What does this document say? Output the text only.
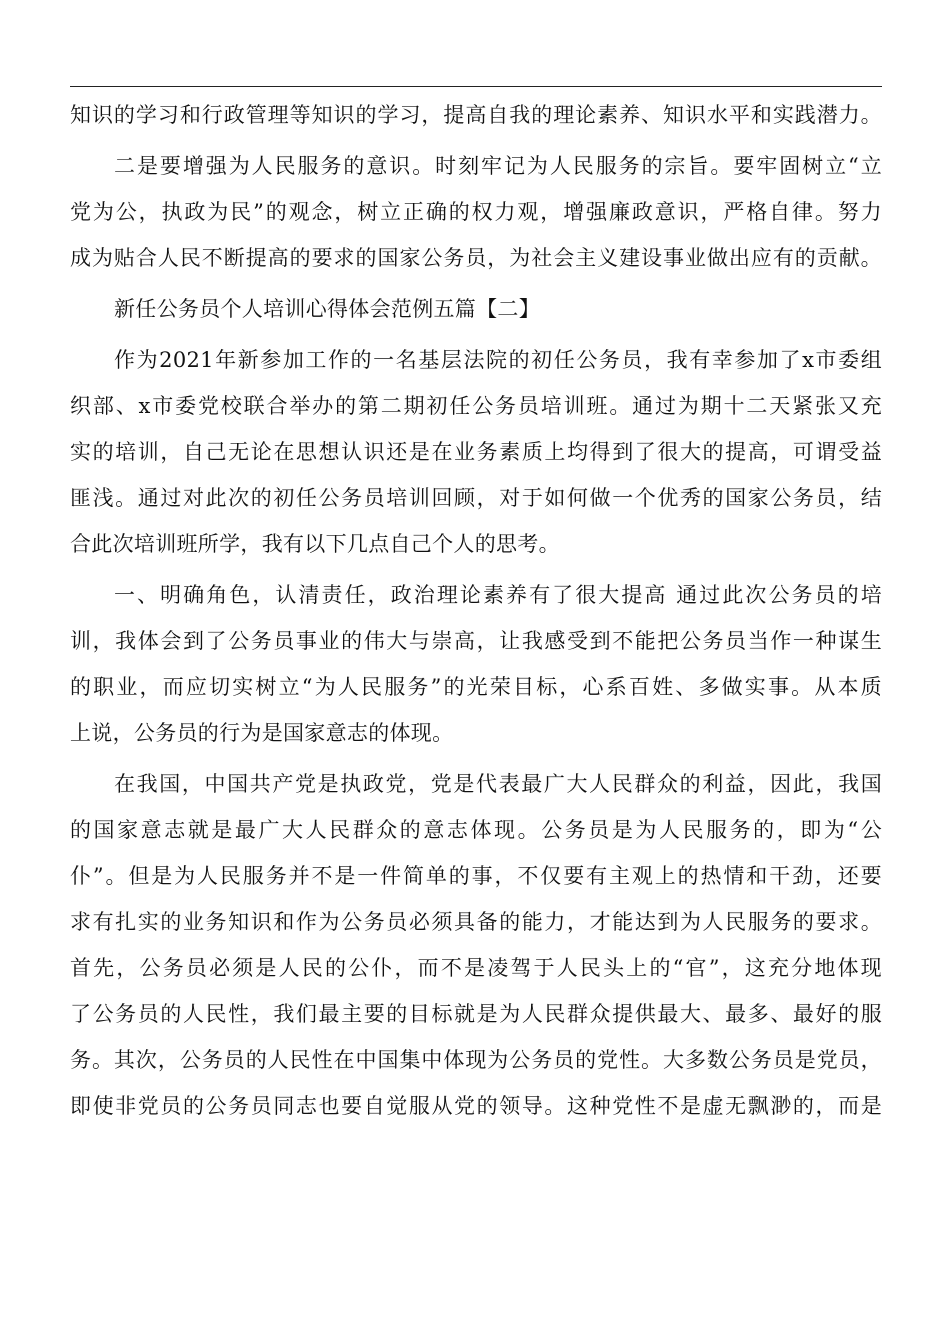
知识的学习和行政管理等知识的学习，提高自我的理论素养、知识水平和实践潜力。
二是要增强为人民服务的意识。时刻牢记为人民服务的宗旨。要牢固树立“立
党为公，执政为民”的观念，树立正确的权力观，增强廉政意识，严格自律。努力
成为贴合人民不断提高的要求的国家公务员，为社会主义建设事业做出应有的贡献。
新任公务员个人培训心得体会范例五篇【二】
作为2021年新参加工作的一名基层法院的初任公务员，我有幸参加了x市委组
织部、x市委党校联合举办的第二期初任公务员培训班。通过为期十二天紧张又充
实的培训，自己无论在思想认识还是在业务素质上均得到了很大的提高，可谓受益
匪浅。通过对此次的初任公务员培训回顾，对于如何做一个优秀的国家公务员，结
合此次培训班所学，我有以下几点自己个人的思考。
一、明确角色，认清责任，政治理论素养有了很大提高 通过此次公务员的培
训，我体会到了公务员事业的伟大与崇高，让我感受到不能把公务员当作一种谋生
的职业，而应切实树立“为人民服务”的光荣目标，心系百姓、多做实事。从本质
上说，公务员的行为是国家意志的体现。
在我国，中国共产党是执政党，党是代表最广大人民群众的利益，因此，我国
的国家意志就是最广大人民群众的意志体现。公务员是为人民服务的，即为“公
仆”。但是为人民服务并不是一件简单的事，不仅要有主观上的热情和干劲，还要
求有扎实的业务知识和作为公务员必须具备的能力，才能达到为人民服务的要求。
首先，公务员必须是人民的公仆，而不是凌驾于人民头上的“官”，这充分地体现
了公务员的人民性，我们最主要的目标就是为人民群众提供最大、最多、最好的服
务。其次，公务员的人民性在中国集中体现为公务员的党性。大多数公务员是党员，
即使非党员的公务员同志也要自觉服从党的领导。这种党性不是虚无飘渺的，而是
